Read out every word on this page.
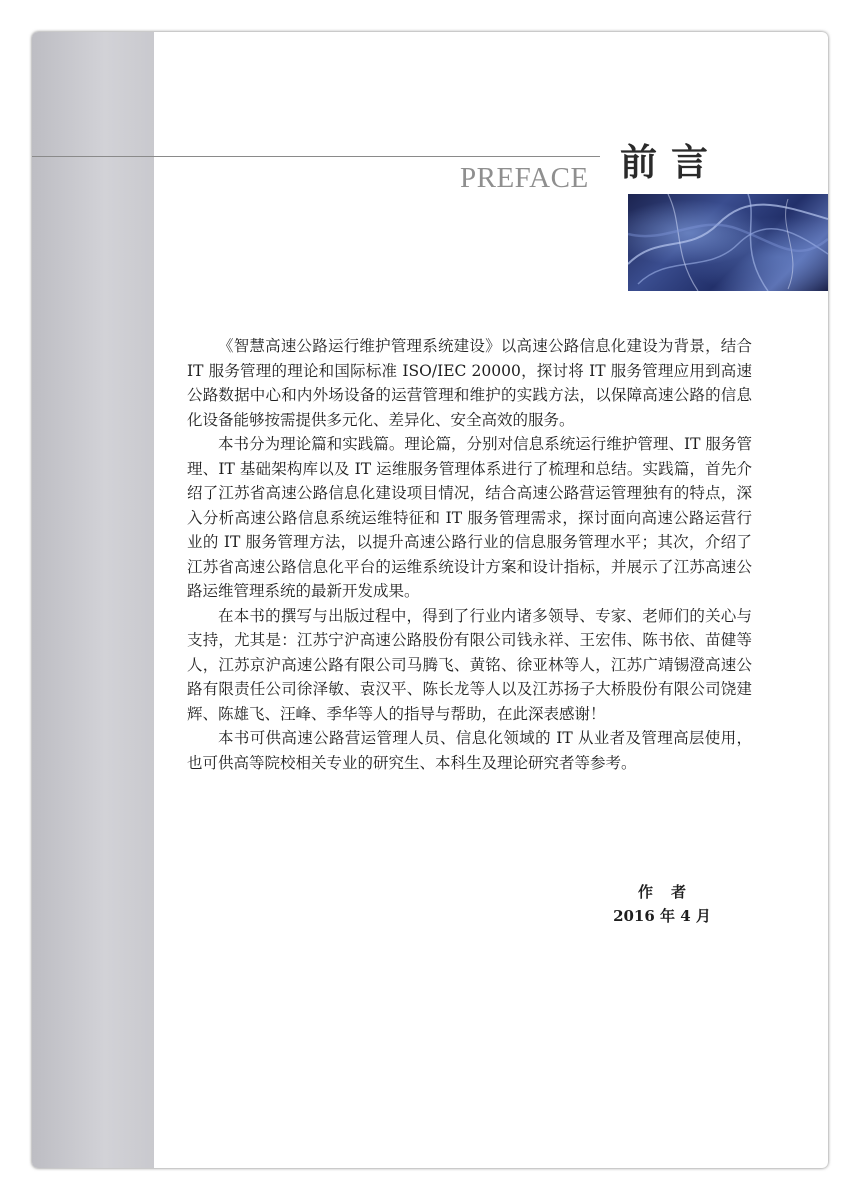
PREFACE 前言

《智慧高速公路运行维护管理系统建设》以高速公路信息化建设为背景，结合 IT 服务管理的理论和国际标准 ISO/IEC 20000，探讨将 IT 服务管理应用到高速公路数据中心和内外场设备的运营管理和维护的实践方法，以保障高速公路的信息化设备能够按需提供多元化、差异化、安全高效的服务。

本书分为理论篇和实践篇。理论篇，分别对信息系统运行维护管理、IT 服务管理、IT 基础架构库以及 IT 运维服务管理体系进行了梳理和总结。实践篇，首先介绍了江苏省高速公路信息化建设项目情况，结合高速公路营运管理独有的特点，深入分析高速公路信息系统运维特征和 IT 服务管理需求，探讨面向高速公路运营行业的 IT 服务管理方法，以提升高速公路行业的信息服务管理水平；其次，介绍了江苏省高速公路信息化平台的运维系统设计方案和设计指标，并展示了江苏高速公路运维管理系统的最新开发成果。

在本书的撰写与出版过程中，得到了行业内诸多领导、专家、老师们的关心与支持，尤其是：江苏宁沪高速公路股份有限公司钱永祥、王宏伟、陈书依、苗健等人，江苏京沪高速公路有限公司马腾飞、黄铭、徐亚林等人，江苏广靖锡澄高速公路有限责任公司徐泽敏、袁汉平、陈长龙等人以及江苏扬子大桥股份有限公司饶建辉、陈雄飞、汪峰、季华等人的指导与帮助，在此深表感谢！

本书可供高速公路营运管理人员、信息化领域的 IT 从业者及管理高层使用，也可供高等院校相关专业的研究生、本科生及理论研究者等参考。

作者
2016 年 4 月
